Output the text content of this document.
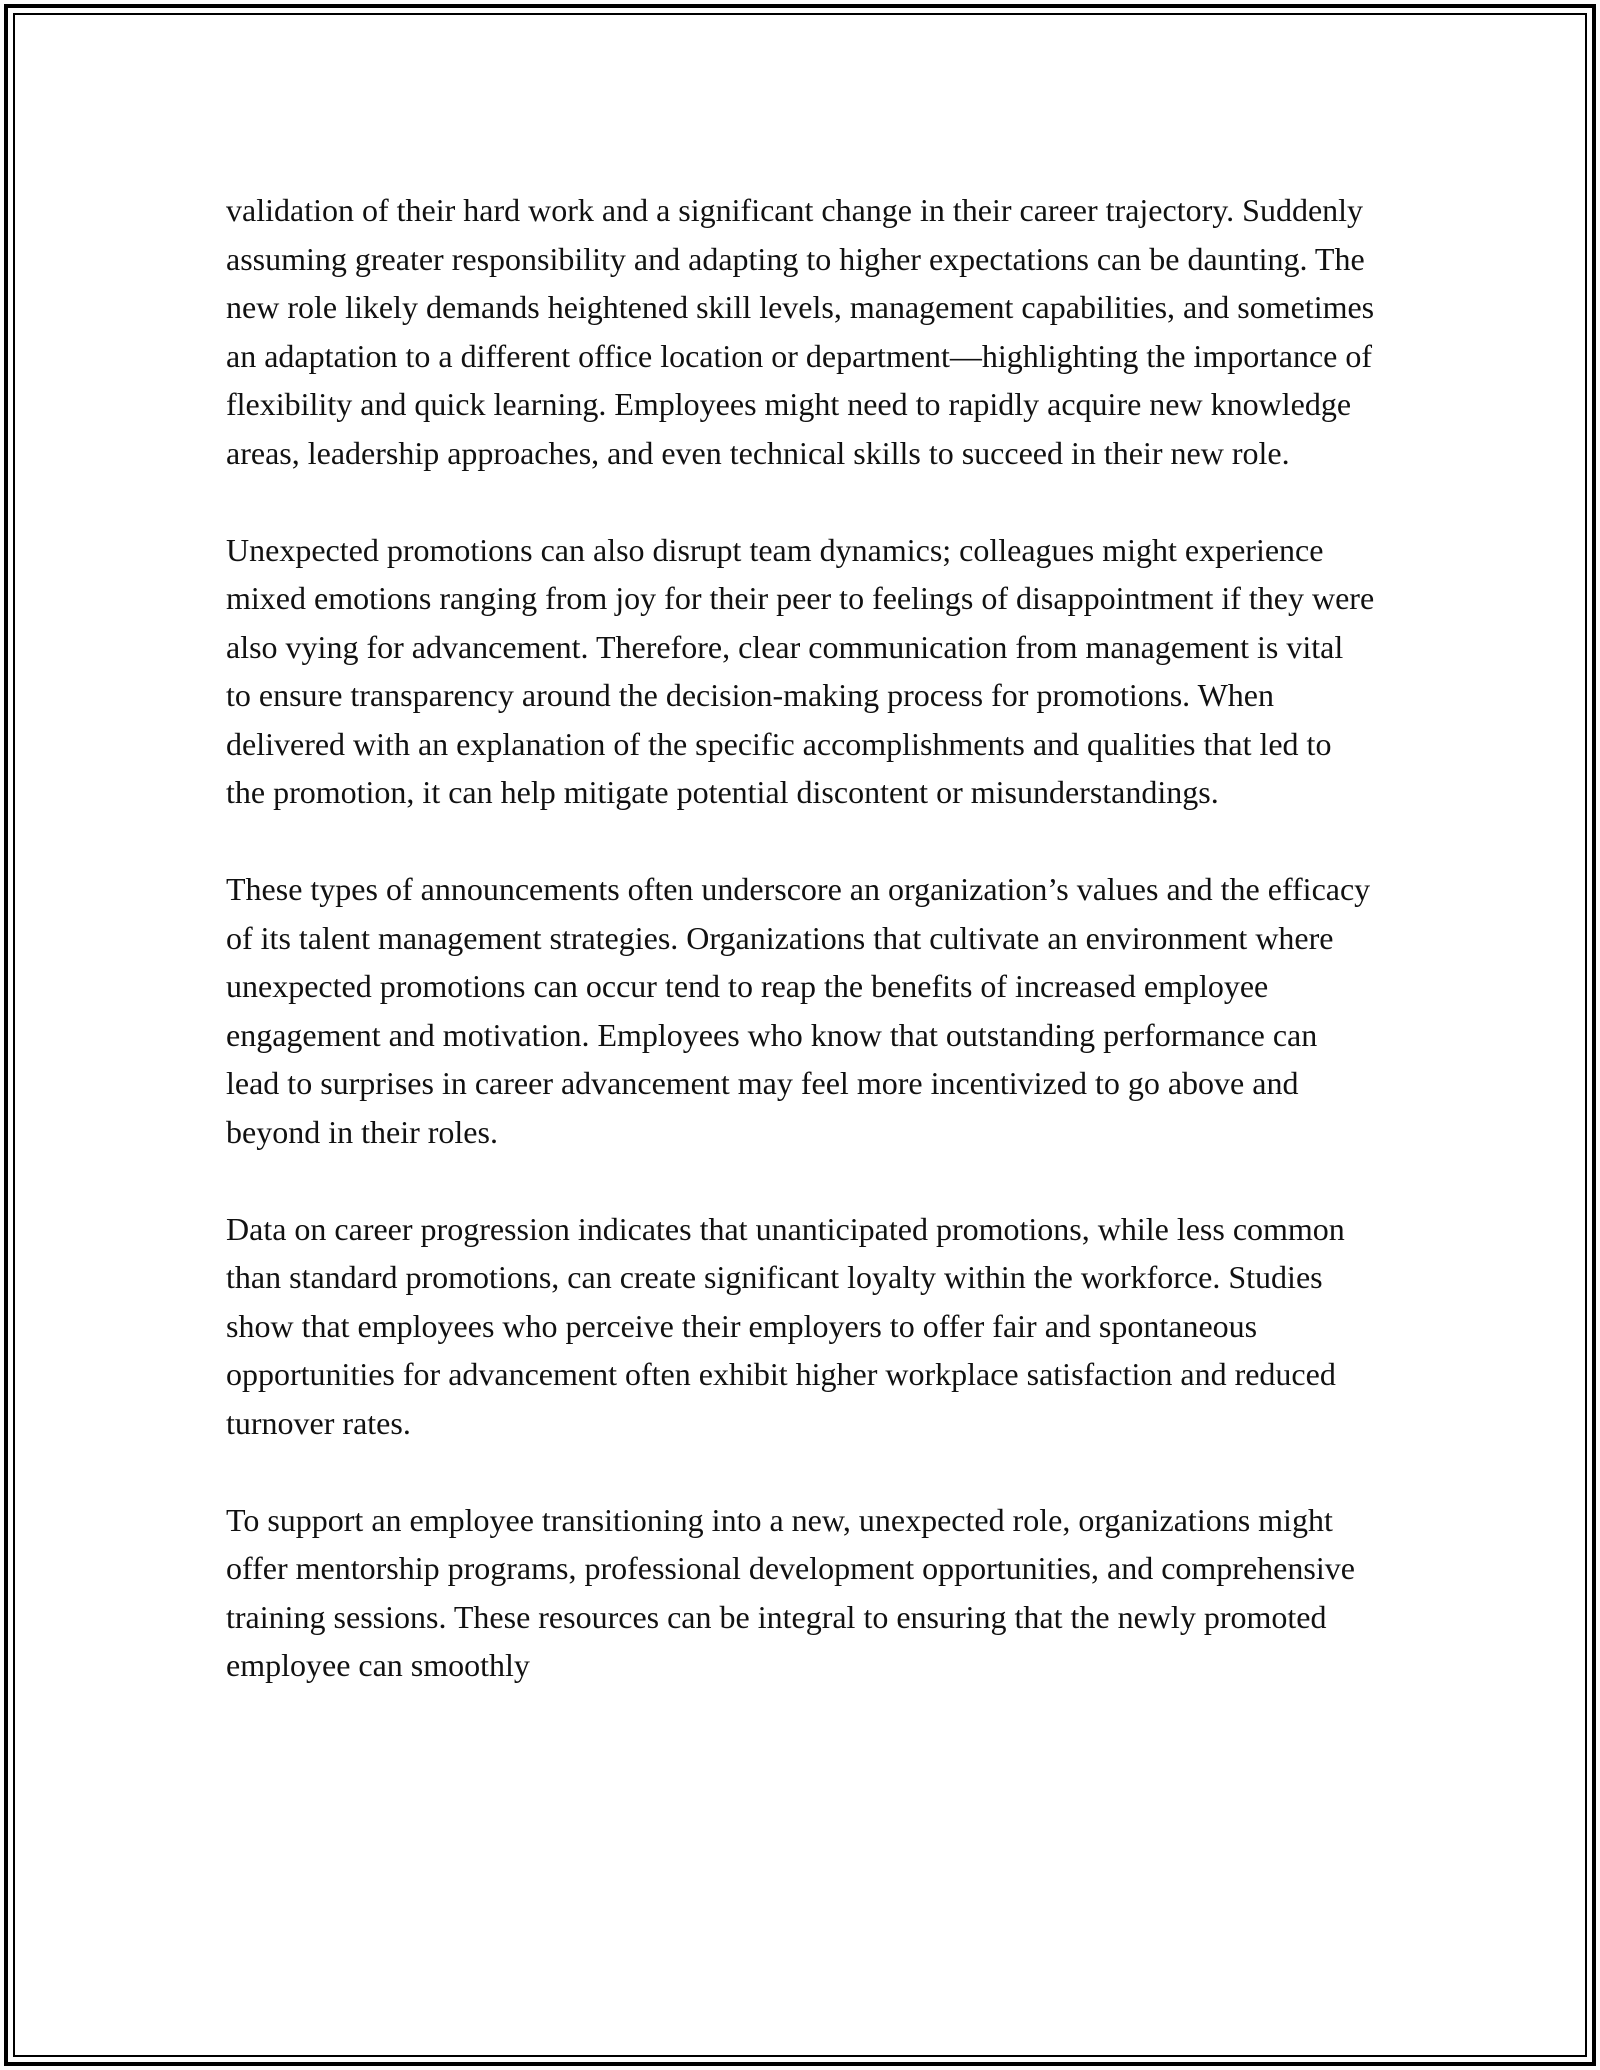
validation of their hard work and a significant change in their career trajectory. Suddenly assuming greater responsibility and adapting to higher expectations can be daunting. The new role likely demands heightened skill levels, management capabilities, and sometimes an adaptation to a different office location or department—highlighting the importance of flexibility and quick learning. Employees might need to rapidly acquire new knowledge areas, leadership approaches, and even technical skills to succeed in their new role.

Unexpected promotions can also disrupt team dynamics; colleagues might experience mixed emotions ranging from joy for their peer to feelings of disappointment if they were also vying for advancement. Therefore, clear communication from management is vital to ensure transparency around the decision-making process for promotions. When delivered with an explanation of the specific accomplishments and qualities that led to the promotion, it can help mitigate potential discontent or misunderstandings.

These types of announcements often underscore an organization’s values and the efficacy of its talent management strategies. Organizations that cultivate an environment where unexpected promotions can occur tend to reap the benefits of increased employee engagement and motivation. Employees who know that outstanding performance can lead to surprises in career advancement may feel more incentivized to go above and beyond in their roles.

Data on career progression indicates that unanticipated promotions, while less common than standard promotions, can create significant loyalty within the workforce. Studies show that employees who perceive their employers to offer fair and spontaneous opportunities for advancement often exhibit higher workplace satisfaction and reduced turnover rates.

To support an employee transitioning into a new, unexpected role, organizations might offer mentorship programs, professional development opportunities, and comprehensive training sessions. These resources can be integral to ensuring that the newly promoted employee can smoothly
